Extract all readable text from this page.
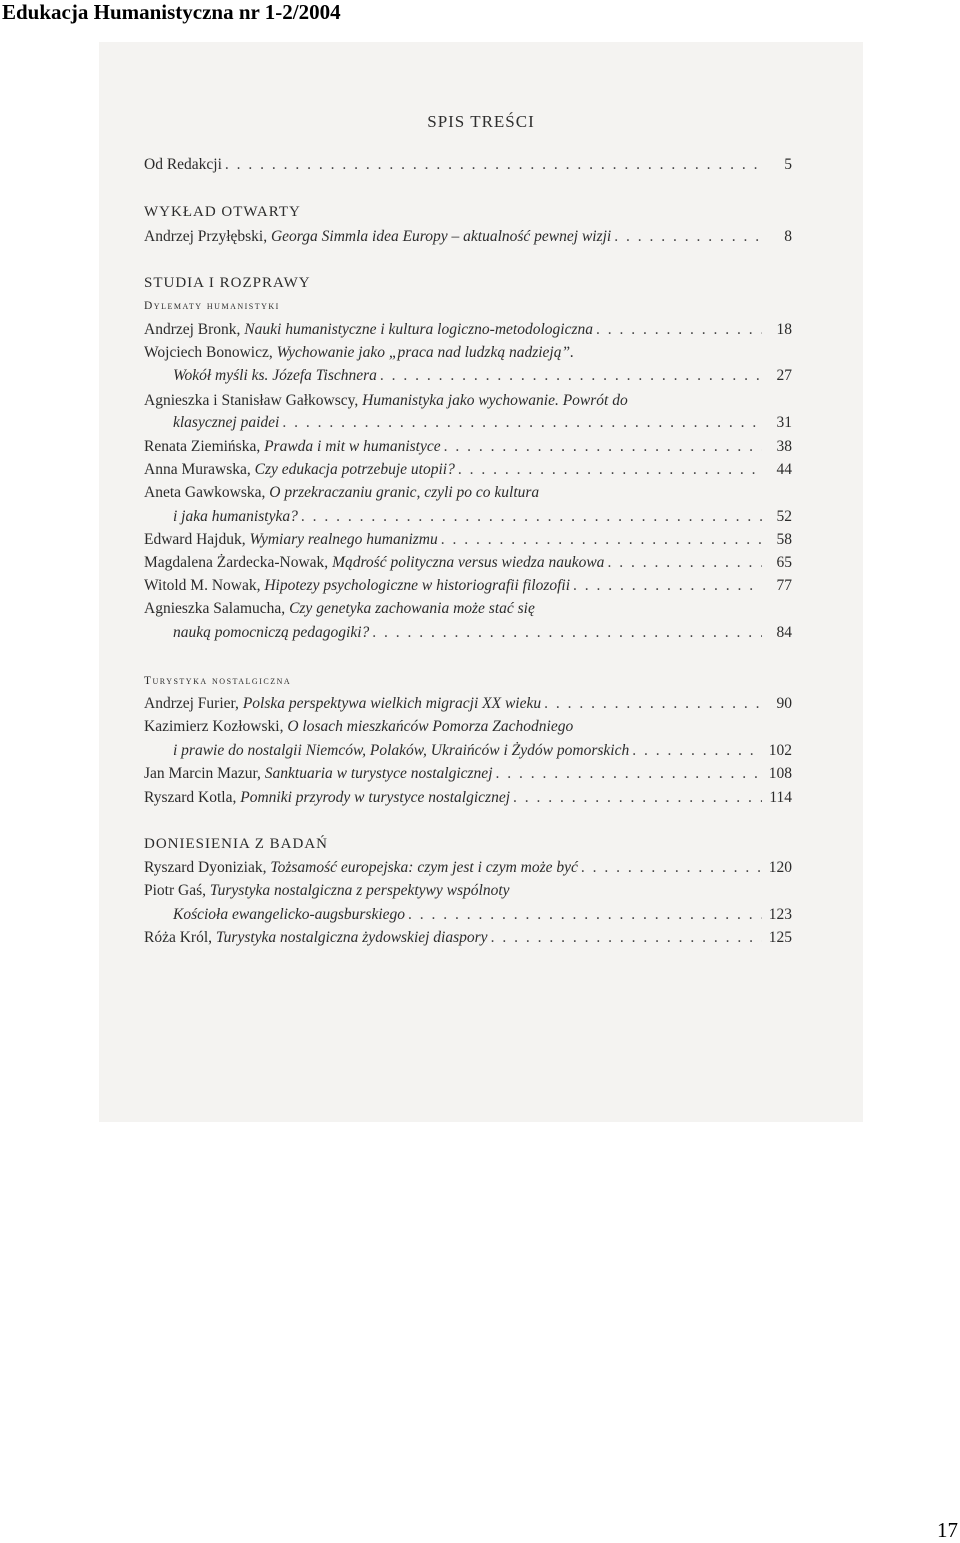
Edukacja Humanistyczna nr 1-2/2004
SPIS TREŚCI
Od Redakcji . . .	5
WYKŁAD OTWARTY
Andrzej Przyłębski,
Georga Simmla idea Europy – aktualność pewnej wizji . . .	8
STUDIA I ROZPRAWY
Dylematy humanistyki
Andrzej Bronk,
Nauki humanistyczne i kultura logiczno-metodologiczna . . .	18
Wojciech Bonowicz,
Wychowanie jako „praca nad ludzką nadzieją”.
Wokół myśli ks. Józefa Tischnera . . .	27
Agnieszka i Stanisław Gałkowscy,
Humanistyka jako wychowanie. Powrót do
klasycznej paidei . . .	31
Renata Ziemińska,
Prawda i mit w humanistyce . . .	38
Anna Murawska,
Czy edukacja potrzebuje utopii? . . .	44
Aneta Gawkowska,
O przekraczaniu granic, czyli po co kultura
i jaka humanistyka? . . .	52
Edward Hajduk,
Wymiary realnego humanizmu . . .	58
Magdalena Żardecka-Nowak,
Mądrość polityczna versus wiedza naukowa . . .	65
Witold M. Nowak,
Hipotezy psychologiczne w historiografii filozofii . . .	77
Agnieszka Salamucha,
Czy genetyka zachowania może stać się
nauką pomocniczą pedagogiki? . . .	84
Turystyka nostalgiczna
Andrzej Furier,
Polska perspektywa wielkich migracji XX wieku . . .	90
Kazimierz Kozłowski,
O losach mieszkańców Pomorza Zachodniego
i prawie do nostalgii Niemców, Polaków, Ukraińców i Żydów pomorskich . . .	102
Jan Marcin Mazur,
Sanktuaria w turystyce nostalgicznej . . .	108
Ryszard Kotla,
Pomniki przyrody w turystyce nostalgicznej . . .	114
DONIESIENIA Z BADAŃ
Ryszard Dyoniziak,
Tożsamość europejska: czym jest i czym może być . . .	120
Piotr Gaś,
Turystyka nostalgiczna z perspektywy wspólnoty
Kościoła ewangelicko-augsburskiego . . .	123
Róża Król,
Turystyka nostalgiczna żydowskiej diaspory . . .	125
17
